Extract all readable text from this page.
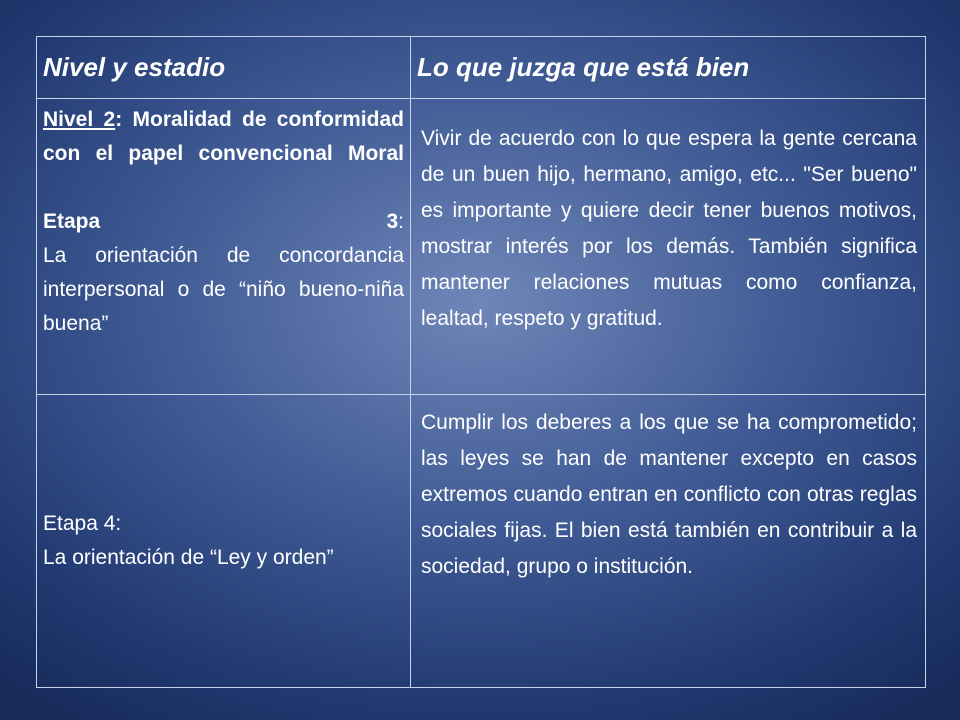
Nivel y estadio	Lo que juzga que está bien
Nivel 2: Moralidad de conformidad con el papel convencional Moral
Etapa 3:
La orientación de concordancia interpersonal o de “niño bueno-niña buena”
Vivir de acuerdo con lo que espera la gente cercana de un buen hijo, hermano, amigo, etc... "Ser bueno" es importante y quiere decir tener buenos motivos, mostrar interés por los demás. También significa mantener relaciones mutuas como confianza, lealtad, respeto y gratitud.
Etapa 4:
La orientación de “Ley y orden”
Cumplir los deberes a los que se ha comprometido; las leyes se han de mantener excepto en casos extremos cuando entran en conflicto con otras reglas sociales fijas. El bien está también en contribuir a la sociedad, grupo o institución.
